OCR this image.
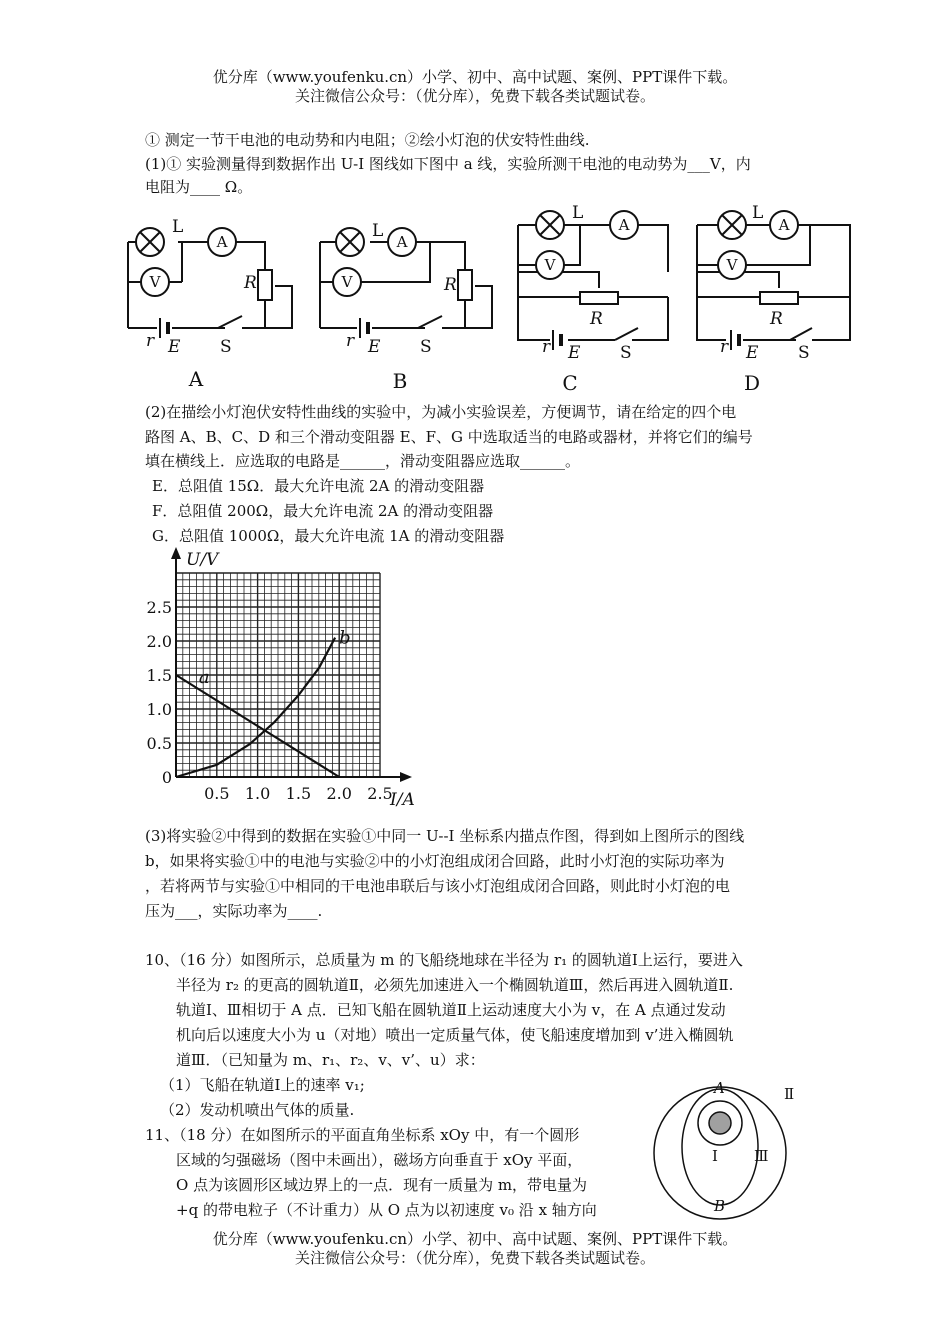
优分库（www.youfenku.cn）小学、初中、高中试题、案例、PPT课件下载。
关注微信公众号：（优分库），免费下载各类试题试卷。
① 测定一节干电池的电动势和内电阻；②绘小灯泡的伏安特性曲线.
(1)① 实验测量得到数据作出 U-I 图线如下图中 a 线，实验所测干电池的电动势为___V，内
电阻为____ Ω。
A
V
A
V
A
V
A
V
L	L
L	L
R	R
R	R
r E S	r E S	r E S	r E S
A	B	C	D
(2)在描绘小灯泡伏安特性曲线的实验中，为减小实验误差，方便调节，请在给定的四个电
路图 A、B、C、D 和三个滑动变阻器 E、F、G 中选取适当的电路或器材，并将它们的编号
填在横线上．应选取的电路是______，滑动变阻器应选取______。
E．总阻值 15Ω．最大允许电流 2A 的滑动变阻器
F．总阻值 200Ω，最大允许电流 2A 的滑动变阻器
G．总阻值 1000Ω，最大允许电流 1A 的滑动变阻器
0.5 1.0 1.5 2.0 2.5
0
0.5
1.0
1.5
2.0
2.5
U/V
I/A
a
b
(3)将实验②中得到的数据在实验①中同一 U--I 坐标系内描点作图，得到如上图所示的图线
b，如果将实验①中的电池与实验②中的小灯泡组成闭合回路，此时小灯泡的实际功率为
，若将两节与实验①中相同的干电池串联后与该小灯泡组成闭合回路，则此时小灯泡的电
压为___，实际功率为____.
10、（16 分）如图所示，总质量为 m 的飞船绕地球在半径为 r₁ 的圆轨道Ⅰ上运行，要进入
半径为 r₂ 的更高的圆轨道Ⅱ，必须先加速进入一个椭圆轨道Ⅲ，然后再进入圆轨道Ⅱ.
轨道Ⅰ、Ⅲ相切于 A 点．已知飞船在圆轨道Ⅱ上运动速度大小为 v，在 A 点通过发动
机向后以速度大小为 u（对地）喷出一定质量气体，使飞船速度增加到 v’进入椭圆轨
道Ⅲ．（已知量为 m、r₁、r₂、v、v’、u）求：
（1）飞船在轨道Ⅰ上的速率 v₁;
（2）发动机喷出气体的质量.
A
B
Ⅰ
Ⅱ
Ⅲ
11、（18 分）在如图所示的平面直角坐标系 xOy 中，有一个圆形
区域的匀强磁场（图中未画出），磁场方向垂直于 xOy 平面，
O 点为该圆形区域边界上的一点．现有一质量为 m，带电量为
+q 的带电粒子（不计重力）从 O 点为以初速度 v₀ 沿 x 轴方向
优分库（www.youfenku.cn）小学、初中、高中试题、案例、PPT课件下载。
关注微信公众号：（优分库），免费下载各类试题试卷。
